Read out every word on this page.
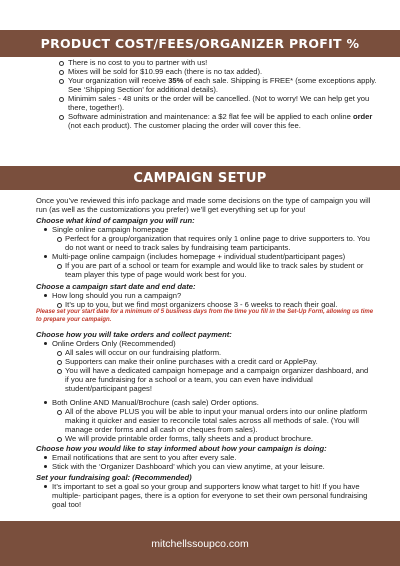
PRODUCT COST/FEES/ORGANIZER PROFIT %
There is no cost to you to partner with us!
Mixes will be sold for $10.99 each (there is no tax added).
Your organization will receive 35% of each sale. Shipping is FREE* (some exceptions apply. See ‘Shipping Section’ for additional details).
Minimim sales - 48 units or the order will be cancelled. (Not to worry! We can help get you there, together!).
Software administration and maintenance: a $2 flat fee will be applied to each online order (not each product). The customer placing the order will cover this fee.
CAMPAIGN SETUP

Once you’ve reviewed this info package and made some decisions on the type of campaign you will run (as well as the customizations you prefer) we’ll get everything set up for you!

Choose what kind of campaign you will run:
Single online campaign homepage
Perfect for a group/organization that requires only 1 online page to drive supporters to. You do not want or need to track sales by fundraising team participants.
Multi-page online campaign (includes homepage + individual student/participant pages)
If you are part of a school or team for example and would like to track sales by student or team player this type of page would work best for you.
Choose a campaign start date and end date:
How long should you run a campaign?
It’s up to you, but we find most organizers choose 3 - 6 weeks to reach their goal.
Please set your start date for a minimum of 5 business days from the time you fill in the Set-Up Form, allowing us time to prepare your campaign.
Choose how you will take orders and collect payment:
Online Orders Only (Recommended)
All sales will occur on our fundraising platform.
Supporters can make their online purchases with a credit card or ApplePay.
You will have a dedicated campaign homepage and a campaign organizer dashboard, and if you are fundraising for a school or a team, you can even have individual student/participant pages!
Both Online AND Manual/Brochure (cash sale) Order options.
All of the above PLUS you will be able to input your manual orders into our online platform making it quicker and easier to reconcile total sales across all methods of sale. (You will manage order forms and all cash or cheques from sales).
We will provide printable order forms, tally sheets and a product brochure.
Choose how you would like to stay informed about how your campaign is doing:
Email notifications that are sent to you after every sale.
Stick with the ‘Organizer Dashboard’ which you can view anytime, at your leisure.
Set your fundraising goal: (Recommended)
It’s important to set a goal so your group and supporters know what target to hit! If you have multiple- participant pages, there is a option for everyone to set their own personal fundraising goal too!
mitchellssoupco.com
